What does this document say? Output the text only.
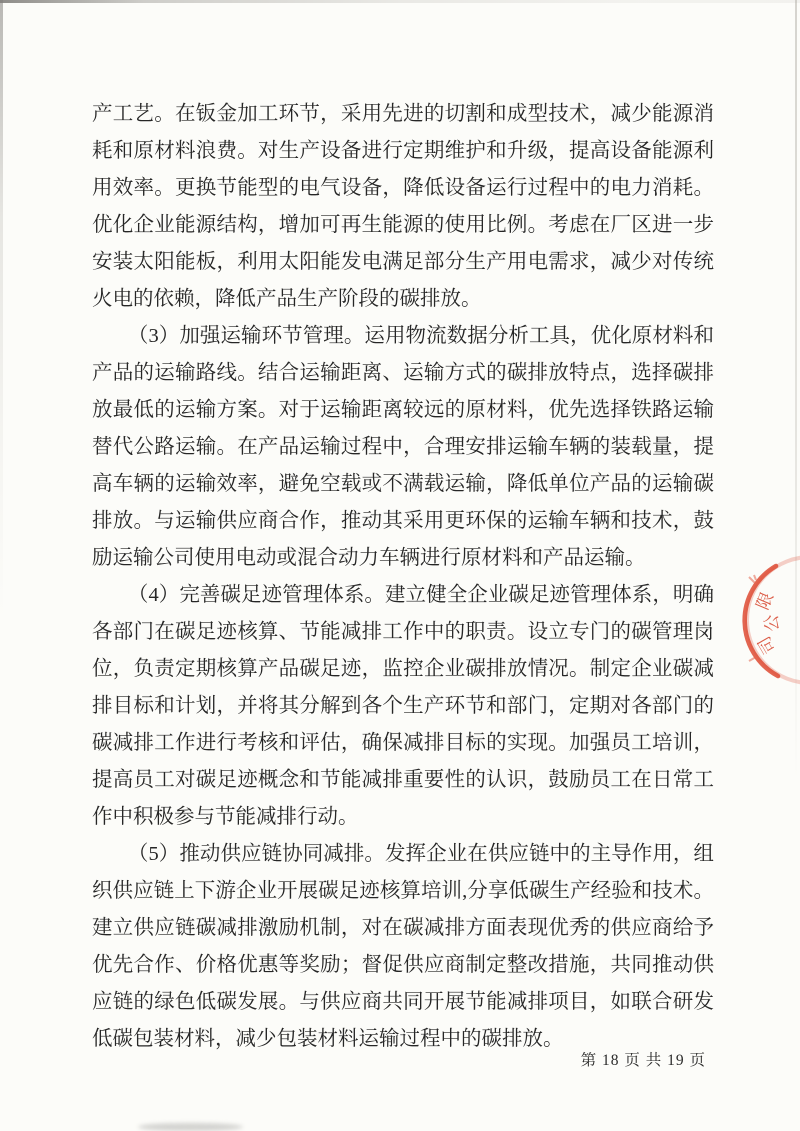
产工艺。在钣金加工环节，采用先进的切割和成型技术，减少能源消耗和原材料浪费。对生产设备进行定期维护和升级，提高设备能源利用效率。更换节能型的电气设备，降低设备运行过程中的电力消耗。优化企业能源结构，增加可再生能源的使用比例。考虑在厂区进一步安装太阳能板，利用太阳能发电满足部分生产用电需求，减少对传统火电的依赖，降低产品生产阶段的碳排放。

（3）加强运输环节管理。运用物流数据分析工具，优化原材料和产品的运输路线。结合运输距离、运输方式的碳排放特点，选择碳排放最低的运输方案。对于运输距离较远的原材料，优先选择铁路运输替代公路运输。在产品运输过程中，合理安排运输车辆的装载量，提高车辆的运输效率，避免空载或不满载运输，降低单位产品的运输碳排放。与运输供应商合作，推动其采用更环保的运输车辆和技术，鼓励运输公司使用电动或混合动力车辆进行原材料和产品运输。

（4）完善碳足迹管理体系。建立健全企业碳足迹管理体系，明确各部门在碳足迹核算、节能减排工作中的职责。设立专门的碳管理岗位，负责定期核算产品碳足迹，监控企业碳排放情况。制定企业碳减排目标和计划，并将其分解到各个生产环节和部门，定期对各部门的碳减排工作进行考核和评估，确保减排目标的实现。加强员工培训，提高员工对碳足迹概念和节能减排重要性的认识，鼓励员工在日常工作中积极参与节能减排行动。

（5）推动供应链协同减排。发挥企业在供应链中的主导作用，组织供应链上下游企业开展碳足迹核算培训,分享低碳生产经验和技术。建立供应链碳减排激励机制，对在碳减排方面表现优秀的供应商给予优先合作、价格优惠等奖励；督促供应商制定整改措施，共同推动供应链的绿色低碳发展。与供应商共同开展节能减排项目，如联合研发低碳包装材料，减少包装材料运输过程中的碳排放。

第 18 页 共 19 页
限
公
司
